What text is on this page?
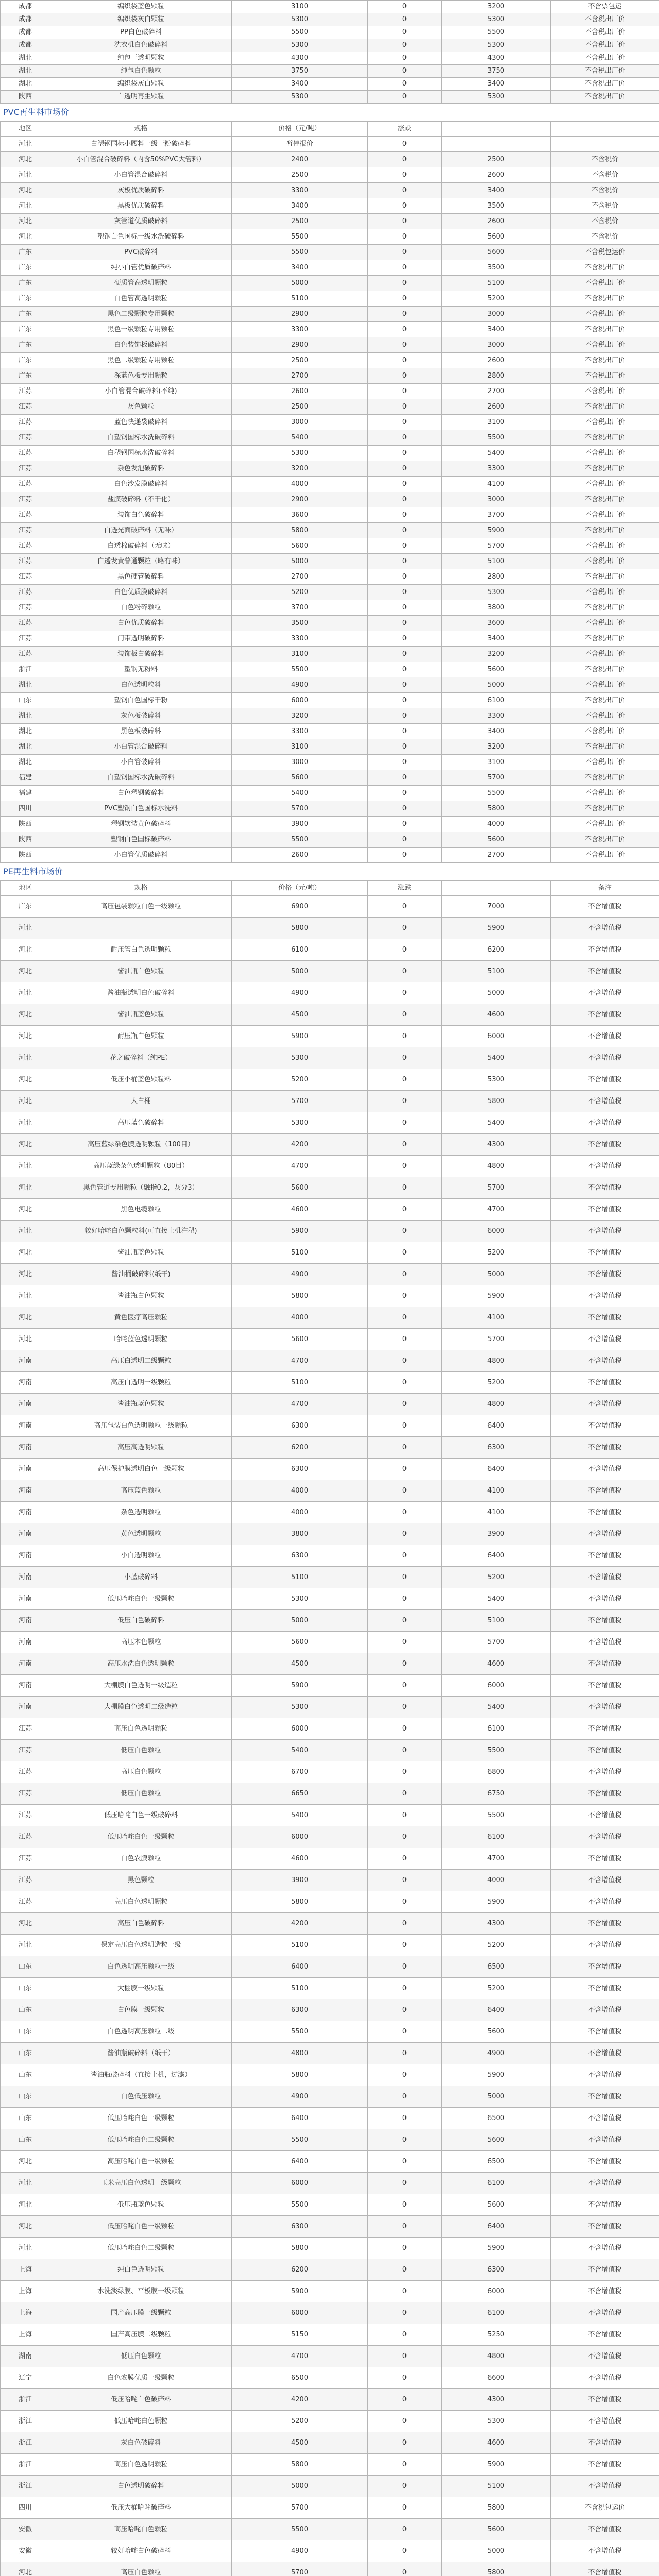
成都	编织袋蓝色颗粒	3100	0	3200	不含票包运
成都	编织袋灰白颗粒	5300	0	5300	不含税出厂价
成都	PP白色破碎料	5500	0	5500	不含税出厂价
成都	洗衣机白色破碎料	5300	0	5300	不含税出厂价
湖北	纯包干透明颗粒	4300	0	4300	不含税出厂价
湖北	纯包白色颗粒	3750	0	3750	不含税出厂价
湖北	编织袋灰白颗粒	3400	0	3400	不含税出厂价
陕西	白透明再生颗粒	5300	0	5300	不含税出厂价
PVC再生料市场价
地区	规格	价格（元/吨）	涨跌		
河北	白塑钢国标小腰料一级干粉破碎料	暂停报价	0		
河北	小白管混合破碎料（内含50%PVC大管料）	2400	0	2500	不含税价
河北	小白管混合破碎料	2500	0	2600	不含税价
河北	灰板优质破碎料	3300	0	3400	不含税价
河北	黑板优质破碎料	3400	0	3500	不含税价
河北	灰管道优质破碎料	2500	0	2600	不含税价
河北	塑钢白色国标一级水洗破碎料	5500	0	5600	不含税价
广东	PVC破碎料	5500	0	5600	不含税包运价
广东	纯小白管优质破碎料	3400	0	3500	不含税出厂价
广东	硬质管高透明颗粒	5000	0	5100	不含税出厂价
广东	白色管高透明颗粒	5100	0	5200	不含税出厂价
广东	黑色二级颗粒专用颗粒	2900	0	3000	不含税出厂价
广东	黑色一级颗粒专用颗粒	3300	0	3400	不含税出厂价
广东	白色装饰板破碎料	2900	0	3000	不含税出厂价
广东	黑色二级颗粒专用颗粒	2500	0	2600	不含税出厂价
广东	深蓝色板专用颗粒	2700	0	2800	不含税出厂价
江苏	小白管混合破碎料(不纯)	2600	0	2700	不含税出厂价
江苏	灰色颗粒	2500	0	2600	不含税出厂价
江苏	蓝色快递袋破碎料	3000	0	3100	不含税出厂价
江苏	白塑钢国标水洗破碎料	5400	0	5500	不含税出厂价
江苏	白塑钢国标水洗破碎料	5300	0	5400	不含税出厂价
江苏	杂色发泡破碎料	3200	0	3300	不含税出厂价
江苏	白色沙发膜破碎料	4000	0	4100	不含税出厂价
江苏	盐膜破碎料（不干化）	2900	0	3000	不含税出厂价
江苏	装饰白色破碎料	3600	0	3700	不含税出厂价
江苏	白透光面破碎料（无味）	5800	0	5900	不含税出厂价
江苏	白透棉破碎料（无味）	5600	0	5700	不含税出厂价
江苏	白透发黄普通颗粒（略有味）	5000	0	5100	不含税出厂价
江苏	黑色硬管破碎料	2700	0	2800	不含税出厂价
江苏	白色优质膜破碎料	5200	0	5300	不含税出厂价
江苏	白色粉碎颗粒	3700	0	3800	不含税出厂价
江苏	白色优质破碎料	3500	0	3600	不含税出厂价
江苏	门带透明破碎料	3300	0	3400	不含税出厂价
江苏	装饰板白破碎料	3100	0	3200	不含税出厂价
浙江	塑钢无粉料	5500	0	5600	不含税出厂价
湖北	白色透明粒料	4900	0	5000	不含税出厂价
山东	塑钢白色国标干粉	6000	0	6100	不含税出厂价
湖北	灰色板破碎料	3200	0	3300	不含税出厂价
湖北	黑色板破碎料	3300	0	3400	不含税出厂价
湖北	小白管混合破碎料	3100	0	3200	不含税出厂价
湖北	小白管破碎料	3000	0	3100	不含税出厂价
福建	白塑钢国标水洗破碎料	5600	0	5700	不含税出厂价
福建	白色塑钢破碎料	5400	0	5500	不含税出厂价
四川	PVC塑钢白色国标水洗料	5700	0	5800	不含税出厂价
陕西	塑钢软装黄色破碎料	3900	0	4000	不含税出厂价
陕西	塑钢白色国标破碎料	5500	0	5600	不含税出厂价
陕西	小白管优质破碎料	2600	0	2700	不含税出厂价
PE再生料市场价
地区	规格	价格（元/吨）	涨跌		备注
广东	高压包装颗粒白色一级颗粒	6900	0	7000	不含增值税
河北		5800	0	5900	不含增值税
河北	耐压管白色透明颗粒	6100	0	6200	不含增值税
河北	酱油瓶白色颗粒	5000	0	5100	不含增值税
河北	酱油瓶透明白色破碎料	4900	0	5000	不含增值税
河北	酱油瓶蓝色颗粒	4500	0	4600	不含增值税
河北	耐压瓶白色颗粒	5900	0	6000	不含增值税
河北	花之破碎料（纯PE）	5300	0	5400	不含增值税
河北	低压小桶蓝色颗粒料	5200	0	5300	不含增值税
河北	大白桶	5700	0	5800	不含增值税
河北	高压蓝色破碎料	5300	0	5400	不含增值税
河北	高压蓝绿杂色膜透明颗粒（100目）	4200	0	4300	不含增值税
河北	高压蓝绿杂色透明颗粒（80目）	4700	0	4800	不含增值税
河北	黑色管道专用颗粒（融指0.2，灰分3）	5600	0	5700	不含增值税
河北	黑色电缆颗粒	4600	0	4700	不含增值税
河北	较好哈咤白色颗粒料(可直接上机注塑)	5900	0	6000	不含增值税
河北	酱油瓶蓝色颗粒	5100	0	5200	不含增值税
河北	酱油桶破碎料(纸干)	4900	0	5000	不含增值税
河北	酱油瓶白色颗粒	5800	0	5900	不含增值税
河北	黄色医疗高压颗粒	4000	0	4100	不含增值税
河北	哈咤蓝色透明颗粒	5600	0	5700	不含增值税
河南	高压白透明二级颗粒	4700	0	4800	不含增值税
河南	高压白透明一级颗粒	5100	0	5200	不含增值税
河南	酱油瓶蓝色颗粒	4700	0	4800	不含增值税
河南	高压包装白色透明颗粒一级颗粒	6300	0	6400	不含增值税
河南	高压高透明颗粒	6200	0	6300	不含增值税
河南	高压保护膜透明白色一级颗粒	6300	0	6400	不含增值税
河南	高压蓝色颗粒	4000	0	4100	不含增值税
河南	杂色透明颗粒	4000	0	4100	不含增值税
河南	黄色透明颗粒	3800	0	3900	不含增值税
河南	小白透明颗粒	6300	0	6400	不含增值税
河南	小蓝破碎料	5100	0	5200	不含增值税
河南	低压哈咤白色一级颗粒	5300	0	5400	不含增值税
河南	低压白色破碎料	5000	0	5100	不含增值税
河南	高压本色颗粒	5600	0	5700	不含增值税
河南	高压水洗白色透明颗粒	4500	0	4600	不含增值税
河南	大棚膜白色透明一级造粒	5900	0	6000	不含增值税
河南	大棚膜白色透明二级造粒	5300	0	5400	不含增值税
江苏	高压白色透明颗粒	6000	0	6100	不含增值税
江苏	低压白色颗粒	5400	0	5500	不含增值税
江苏	高压白色颗粒	6700	0	6800	不含增值税
江苏	低压白色颗粒	6650	0	6750	不含增值税
江苏	低压哈咤白色一级破碎料	5400	0	5500	不含增值税
江苏	低压哈咤白色一级颗粒	6000	0	6100	不含增值税
江苏	白色农膜颗粒	4600	0	4700	不含增值税
江苏	黑色颗粒	3900	0	4000	不含增值税
江苏	高压白色透明颗粒	5800	0	5900	不含增值税
河北	高压白色破碎料	4200	0	4300	不含增值税
河北	保定高压白色透明造粒一级	5100	0	5200	不含增值税
山东	白色透明高压颗粒一级	6400	0	6500	不含增值税
山东	大棚膜一级颗粒	5100	0	5200	不含增值税
山东	白色膜一级颗粒	6300	0	6400	不含增值税
山东	白色透明高压颗粒二级	5500	0	5600	不含增值税
山东	酱油瓶破碎料（纸干）	4800	0	4900	不含增值税
山东	酱油瓶破碎料（直接上机，过滤）	5800	0	5900	不含增值税
山东	白色低压颗粒	4900	0	5000	不含增值税
山东	低压哈咤白色一级颗粒	6400	0	6500	不含增值税
山东	低压哈咤白色二级颗粒	5500	0	5600	不含增值税
河北	高压哈咤白色一级颗粒	6400	0	6500	不含增值税
河北	玉米高压白色透明一级颗粒	6000	0	6100	不含增值税
河北	低压瓶蓝色颗粒	5500	0	5600	不含增值税
河北	低压哈咤白色一级颗粒	6300	0	6400	不含增值税
河北	低压哈咤白色二级颗粒	5800	0	5900	不含增值税
上海	纯白色透明颗粒	6200	0	6300	不含增值税
上海	水洗淡绿膜、平板膜一级颗粒	5900	0	6000	不含增值税
上海	国产高压膜一级颗粒	6000	0	6100	不含增值税
上海	国产高压膜二级颗粒	5150	0	5250	不含增值税
湖南	低压白色颗粒	4700	0	4800	不含增值税
辽宁	白色农膜优质一级颗粒	6500	0	6600	不含增值税
浙江	低压哈咤白色破碎料	4200	0	4300	不含增值税
浙江	低压哈咤白色颗粒	5200	0	5300	不含增值税
浙江	灰白色破碎料	4500	0	4600	不含增值税
浙江	高压白色透明颗粒	5800	0	5900	不含增值税
浙江	白色透明破碎料	5000	0	5100	不含增值税
四川	低压大桶哈咤破碎料	5700	0	5800	不含税包运价
安徽	高压哈咤白色颗粒	5500	0	5600	不含增值税
安徽	较好哈咤白色破碎料	4900	0	5000	不含增值税
河北	高压白色颗粒	5700	0	5800	不含增值税
